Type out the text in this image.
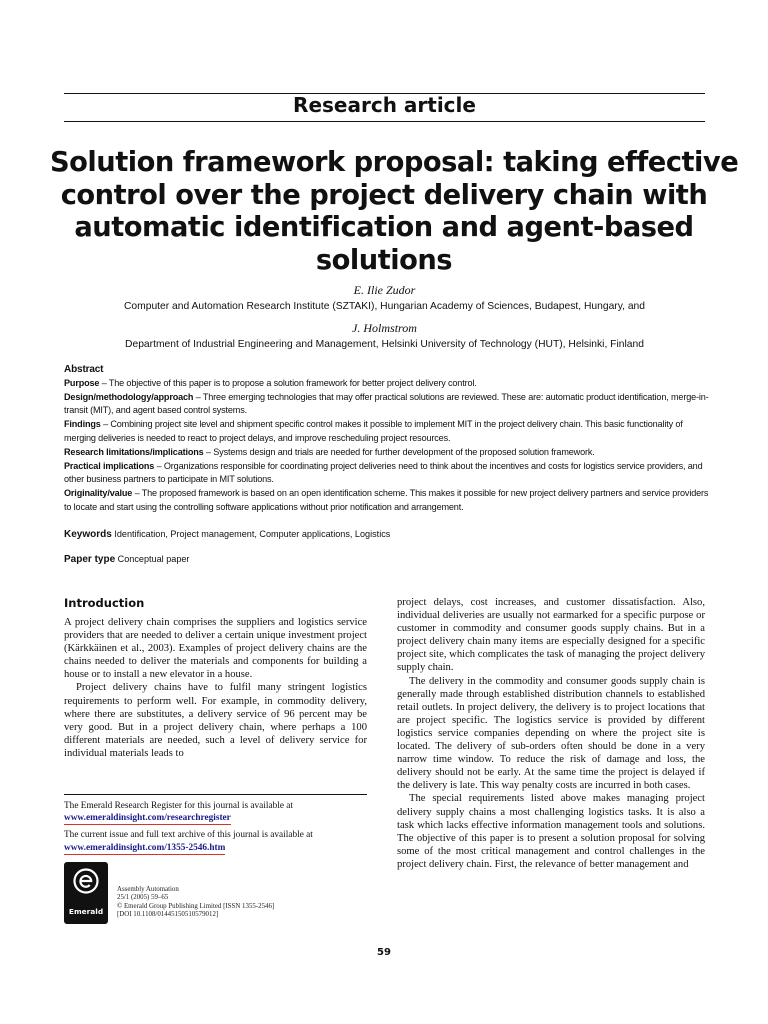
Research article
Solution framework proposal: taking effective
control over the project delivery chain with
automatic identification and agent-based
solutions
E. Ilie Zudor
Computer and Automation Research Institute (SZTAKI), Hungarian Academy of Sciences, Budapest, Hungary, and
J. Holmstrom
Department of Industrial Engineering and Management, Helsinki University of Technology (HUT), Helsinki, Finland
Abstract

Purpose – The objective of this paper is to propose a solution framework for better project delivery control.

Design/methodology/approach – Three emerging technologies that may offer practical solutions are reviewed. These are: automatic product identification, merge-in-transit (MIT), and agent based control systems.

Findings – Combining project site level and shipment specific control makes it possible to implement MIT in the project delivery chain. This basic functionality of merging deliveries is needed to react to project delays, and improve rescheduling project resources.

Research limitations/implications – Systems design and trials are needed for further development of the proposed solution framework.

Practical implications – Organizations responsible for coordinating project deliveries need to think about the incentives and costs for logistics service providers, and other business partners to participate in MIT solutions.

Originality/value – The proposed framework is based on an open identification scheme. This makes it possible for new project delivery partners and service providers to locate and start using the controlling software applications without prior notification and arrangement.

Keywords Identification, Project management, Computer applications, Logistics
Paper type Conceptual paper
Introduction

A project delivery chain comprises the suppliers and logistics service providers that are needed to deliver a certain unique investment project (Kärkkäinen et al., 2003). Examples of project delivery chains are the chains needed to deliver the materials and components for building a house or to install a new elevator in a house.

Project delivery chains have to fulfil many stringent logistics requirements to perform well. For example, in commodity delivery, where there are substitutes, a delivery service of 96 percent may be very good. But in a project delivery chain, where perhaps a 100 different materials are needed, such a level of delivery service for individual materials leads to

project delays, cost increases, and customer dissatisfaction. Also, individual deliveries are usually not earmarked for a specific purpose or customer in commodity and consumer goods supply chains. But in a project delivery chain many items are especially designed for a specific project site, which complicates the task of managing the project delivery supply chain.

The delivery in the commodity and consumer goods supply chain is generally made through established distribution channels to established retail outlets. In project delivery, the delivery is to project locations that are project specific. The logistics service is provided by different logistics service companies depending on where the project site is located. The delivery of sub-orders often should be done in a very narrow time window. To reduce the risk of damage and loss, the delivery should not be early. At the same time the project is delayed if the delivery is late. This way penalty costs are incurred in both cases.

The special requirements listed above makes managing project delivery supply chains a most challenging logistics tasks. It is also a task which lacks effective information management tools and solutions. The objective of this paper is to present a solution proposal for solving some of the most critical management and control challenges in the project delivery chain. First, the relevance of better management and

The Emerald Research Register for this journal is available at
www.emeraldinsight.com/researchregister
The current issue and full text archive of this journal is available at
www.emeraldinsight.com/1355-2546.htm
Emerald
Assembly Automation
25/1 (2005) 59–65
© Emerald Group Publishing Limited [ISSN 1355-2546]
[DOI 10.1108/01445150510579012]
59
